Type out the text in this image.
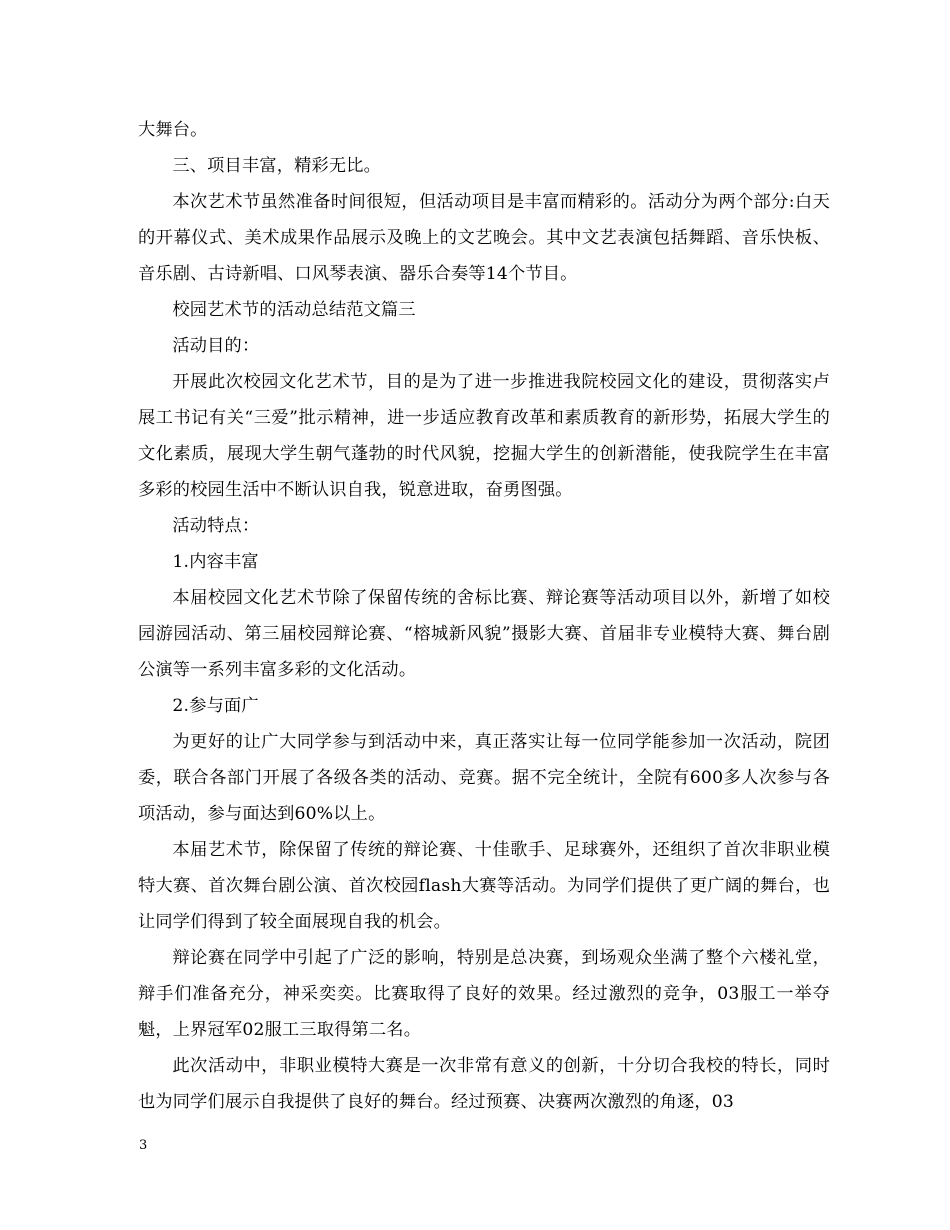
大舞台。

三、项目丰富，精彩无比。

本次艺术节虽然准备时间很短，但活动项目是丰富而精彩的。活动分为两个部分:白天的开幕仪式、美术成果作品展示及晚上的文艺晚会。其中文艺表演包括舞蹈、音乐快板、音乐剧、古诗新唱、口风琴表演、器乐合奏等14个节目。

校园艺术节的活动总结范文篇三

活动目的：

开展此次校园文化艺术节，目的是为了进一步推进我院校园文化的建设，贯彻落实卢展工书记有关“三爱”批示精神，进一步适应教育改革和素质教育的新形势，拓展大学生的文化素质，展现大学生朝气蓬勃的时代风貌，挖掘大学生的创新潜能，使我院学生在丰富多彩的校园生活中不断认识自我，锐意进取，奋勇图强。

活动特点：

1.内容丰富

本届校园文化艺术节除了保留传统的舍标比赛、辩论赛等活动项目以外，新增了如校园游园活动、第三届校园辩论赛、“榕城新风貌”摄影大赛、首届非专业模特大赛、舞台剧公演等一系列丰富多彩的文化活动。

2.参与面广

为更好的让广大同学参与到活动中来，真正落实让每一位同学能参加一次活动，院团委，联合各部门开展了各级各类的活动、竞赛。据不完全统计，全院有600多人次参与各项活动，参与面达到60%以上。

本届艺术节，除保留了传统的辩论赛、十佳歌手、足球赛外，还组织了首次非职业模特大赛、首次舞台剧公演、首次校园flash大赛等活动。为同学们提供了更广阔的舞台，也让同学们得到了较全面展现自我的机会。

辩论赛在同学中引起了广泛的影响，特别是总决赛，到场观众坐满了整个六楼礼堂，辩手们准备充分，神采奕奕。比赛取得了良好的效果。经过激烈的竞争，03服工一举夺魁，上界冠军02服工三取得第二名。

此次活动中，非职业模特大赛是一次非常有意义的创新，十分切合我校的特长，同时也为同学们展示自我提供了良好的舞台。经过预赛、决赛两次激烈的角逐，03

3
